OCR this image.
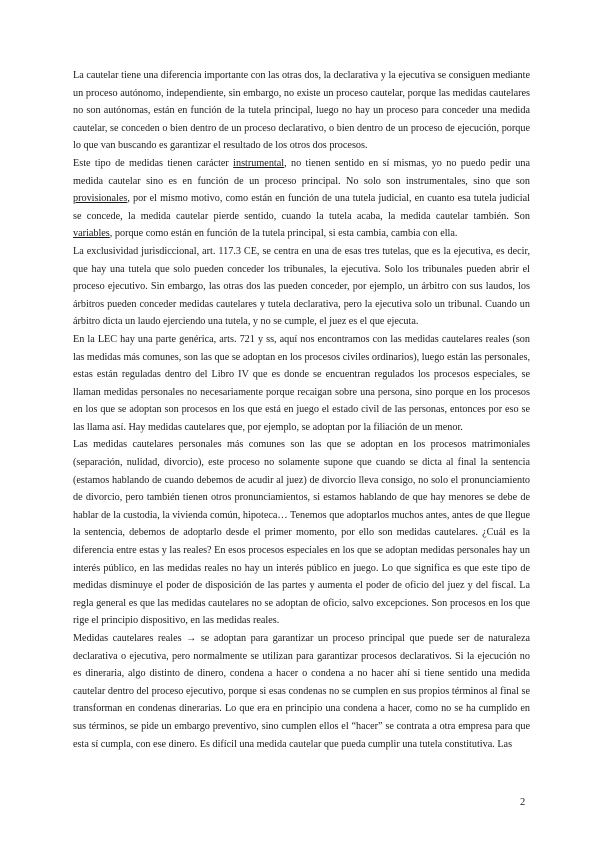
La cautelar tiene una diferencia importante con las otras dos, la declarativa y la ejecutiva se consiguen mediante un proceso autónomo, independiente, sin embargo, no existe un proceso cautelar, porque las medidas cautelares no son autónomas, están en función de la tutela principal, luego no hay un proceso para conceder una medida cautelar, se conceden o bien dentro de un proceso declarativo, o bien dentro de un proceso de ejecución, porque lo que van buscando es garantizar el resultado de los otros dos procesos.

Este tipo de medidas tienen carácter instrumental, no tienen sentido en sí mismas, yo no puedo pedir una medida cautelar sino es en función de un proceso principal. No solo son instrumentales, sino que son provisionales, por el mismo motivo, como están en función de una tutela judicial, en cuanto esa tutela judicial se concede, la medida cautelar pierde sentido, cuando la tutela acaba, la medida cautelar también. Son variables, porque como están en función de la tutela principal, si esta cambia, cambia con ella.

La exclusividad jurisdiccional, art. 117.3 CE, se centra en una de esas tres tutelas, que es la ejecutiva, es decir, que hay una tutela que solo pueden conceder los tribunales, la ejecutiva. Solo los tribunales pueden abrir el proceso ejecutivo. Sin embargo, las otras dos las pueden conceder, por ejemplo, un árbitro con sus laudos, los árbitros pueden conceder medidas cautelares y tutela declarativa, pero la ejecutiva solo un tribunal. Cuando un árbitro dicta un laudo ejerciendo una tutela, y no se cumple, el juez es el que ejecuta.

En la LEC hay una parte genérica, arts. 721 y ss, aquí nos encontramos con las medidas cautelares reales (son las medidas más comunes, son las que se adoptan en los procesos civiles ordinarios), luego están las personales, estas están reguladas dentro del Libro IV que es donde se encuentran regulados los procesos especiales, se llaman medidas personales no necesariamente porque recaigan sobre una persona, sino porque en los procesos en los que se adoptan son procesos en los que está en juego el estado civil de las personas, entonces por eso se las llama así. Hay medidas cautelares que, por ejemplo, se adoptan por la filiación de un menor.

Las medidas cautelares personales más comunes son las que se adoptan en los procesos matrimoniales (separación, nulidad, divorcio), este proceso no solamente supone que cuando se dicta al final la sentencia (estamos hablando de cuando debemos de acudir al juez) de divorcio lleva consigo, no solo el pronunciamiento de divorcio, pero también tienen otros pronunciamientos, si estamos hablando de que hay menores se debe de hablar de la custodia, la vivienda común, hipoteca… Tenemos que adoptarlos muchos antes, antes de que llegue la sentencia, debemos de adoptarlo desde el primer momento, por ello son medidas cautelares. ¿Cuál es la diferencia entre estas y las reales? En esos procesos especiales en los que se adoptan medidas personales hay un interés público, en las medidas reales no hay un interés público en juego. Lo que significa es que este tipo de medidas disminuye el poder de disposición de las partes y aumenta el poder de oficio del juez y del fiscal. La regla general es que las medidas cautelares no se adoptan de oficio, salvo excepciones. Son procesos en los que rige el principio dispositivo, en las medidas reales.

Medidas cautelares reales → se adoptan para garantizar un proceso principal que puede ser de naturaleza declarativa o ejecutiva, pero normalmente se utilizan para garantizar procesos declarativos. Si la ejecución no es dineraria, algo distinto de dinero, condena a hacer o condena a no hacer ahí si tiene sentido una medida cautelar dentro del proceso ejecutivo, porque si esas condenas no se cumplen en sus propios términos al final se transforman en condenas dinerarias. Lo que era en principio una condena a hacer, como no se ha cumplido en sus términos, se pide un embargo preventivo, sino cumplen ellos el “hacer” se contrata a otra empresa para que esta sí cumpla, con ese dinero. Es difícil una medida cautelar que pueda cumplir una tutela constitutiva. Las

2
